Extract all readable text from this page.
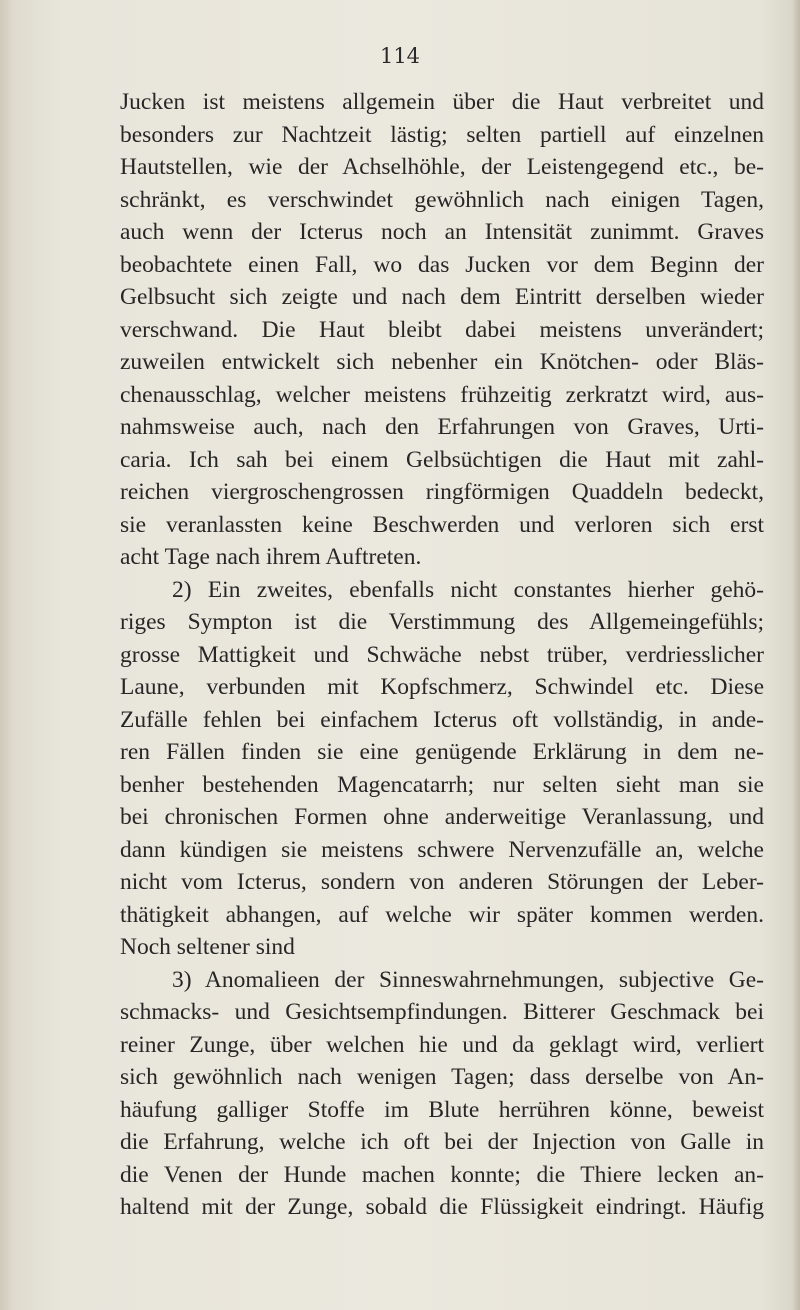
114

Jucken ist meistens allgemein über die Haut verbreitet und
besonders zur Nachtzeit lästig; selten partiell auf einzelnen
Hautstellen, wie der Achselhöhle, der Leistengegend etc., be-
schränkt, es verschwindet gewöhnlich nach einigen Tagen,
auch wenn der Icterus noch an Intensität zunimmt. Graves
beobachtete einen Fall, wo das Jucken vor dem Beginn der
Gelbsucht sich zeigte und nach dem Eintritt derselben wieder
verschwand. Die Haut bleibt dabei meistens unverändert;
zuweilen entwickelt sich nebenher ein Knötchen- oder Bläs-
chenausschlag, welcher meistens frühzeitig zerkratzt wird, aus-
nahmsweise auch, nach den Erfahrungen von Graves, Urti-
caria. Ich sah bei einem Gelbsüchtigen die Haut mit zahl-
reichen viergroschengrossen ringförmigen Quaddeln bedeckt,
sie veranlassten keine Beschwerden und verloren sich erst
acht Tage nach ihrem Auftreten.
2) Ein zweites, ebenfalls nicht constantes hierher gehö-
riges Sympton ist die Verstimmung des Allgemeingefühls;
grosse Mattigkeit und Schwäche nebst trüber, verdriesslicher
Laune, verbunden mit Kopfschmerz, Schwindel etc. Diese
Zufälle fehlen bei einfachem Icterus oft vollständig, in ande-
ren Fällen finden sie eine genügende Erklärung in dem ne-
benher bestehenden Magencatarrh; nur selten sieht man sie
bei chronischen Formen ohne anderweitige Veranlassung, und
dann kündigen sie meistens schwere Nervenzufälle an, welche
nicht vom Icterus, sondern von anderen Störungen der Leber-
thätigkeit abhangen, auf welche wir später kommen werden.
Noch seltener sind
3) Anomalieen der Sinneswahrnehmungen, subjective Ge-
schmacks- und Gesichtsempfindungen. Bitterer Geschmack bei
reiner Zunge, über welchen hie und da geklagt wird, verliert
sich gewöhnlich nach wenigen Tagen; dass derselbe von An-
häufung galliger Stoffe im Blute herrühren könne, beweist
die Erfahrung, welche ich oft bei der Injection von Galle in
die Venen der Hunde machen konnte; die Thiere lecken an-
haltend mit der Zunge, sobald die Flüssigkeit eindringt. Häufig
